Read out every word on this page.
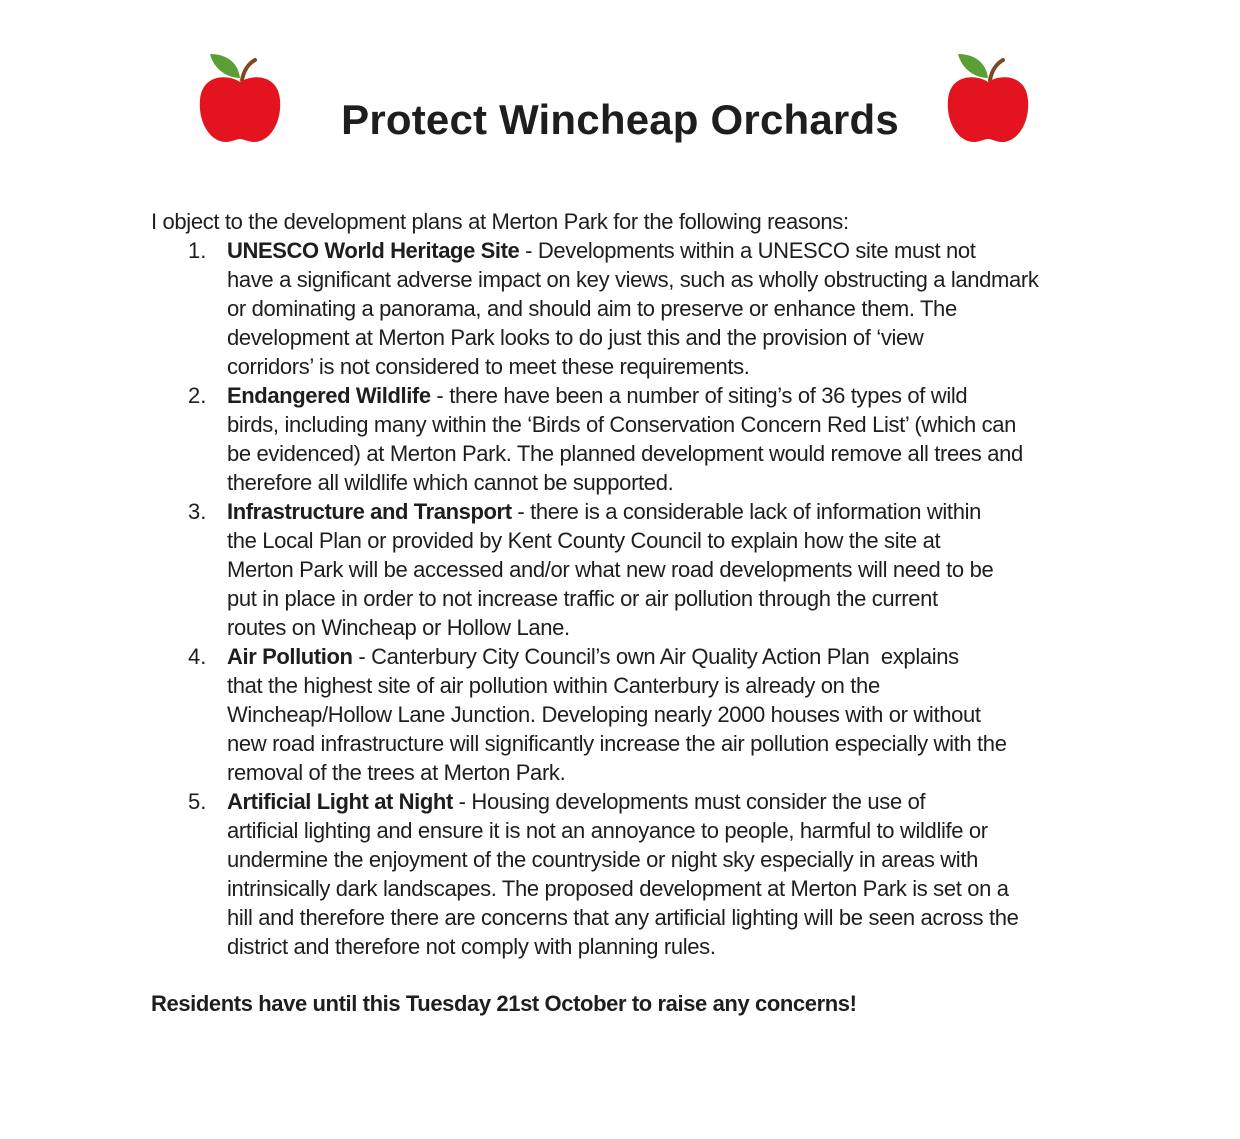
Protect Wincheap Orchards
I object to the development plans at Merton Park for the following reasons:
1. UNESCO World Heritage Site - Developments within a UNESCO site must not
have a significant adverse impact on key views, such as wholly obstructing a landmark
or dominating a panorama, and should aim to preserve or enhance them. The
development at Merton Park looks to do just this and the provision of ‘view
corridors’ is not considered to meet these requirements.
2. Endangered Wildlife - there have been a number of siting’s of 36 types of wild
birds, including many within the ‘Birds of Conservation Concern Red List’ (which can
be evidenced) at Merton Park. The planned development would remove all trees and
therefore all wildlife which cannot be supported.
3. Infrastructure and Transport - there is a considerable lack of information within
the Local Plan or provided by Kent County Council to explain how the site at
Merton Park will be accessed and/or what new road developments will need to be
put in place in order to not increase traffic or air pollution through the current
routes on Wincheap or Hollow Lane.
4. Air Pollution - Canterbury City Council’s own Air Quality Action Plan  explains
that the highest site of air pollution within Canterbury is already on the
Wincheap/Hollow Lane Junction. Developing nearly 2000 houses with or without
new road infrastructure will significantly increase the air pollution especially with the
removal of the trees at Merton Park.
5. Artificial Light at Night - Housing developments must consider the use of
artificial lighting and ensure it is not an annoyance to people, harmful to wildlife or
undermine the enjoyment of the countryside or night sky especially in areas with
intrinsically dark landscapes. The proposed development at Merton Park is set on a
hill and therefore there are concerns that any artificial lighting will be seen across the
district and therefore not comply with planning rules.
Residents have until this Tuesday 21st October to raise any concerns!
